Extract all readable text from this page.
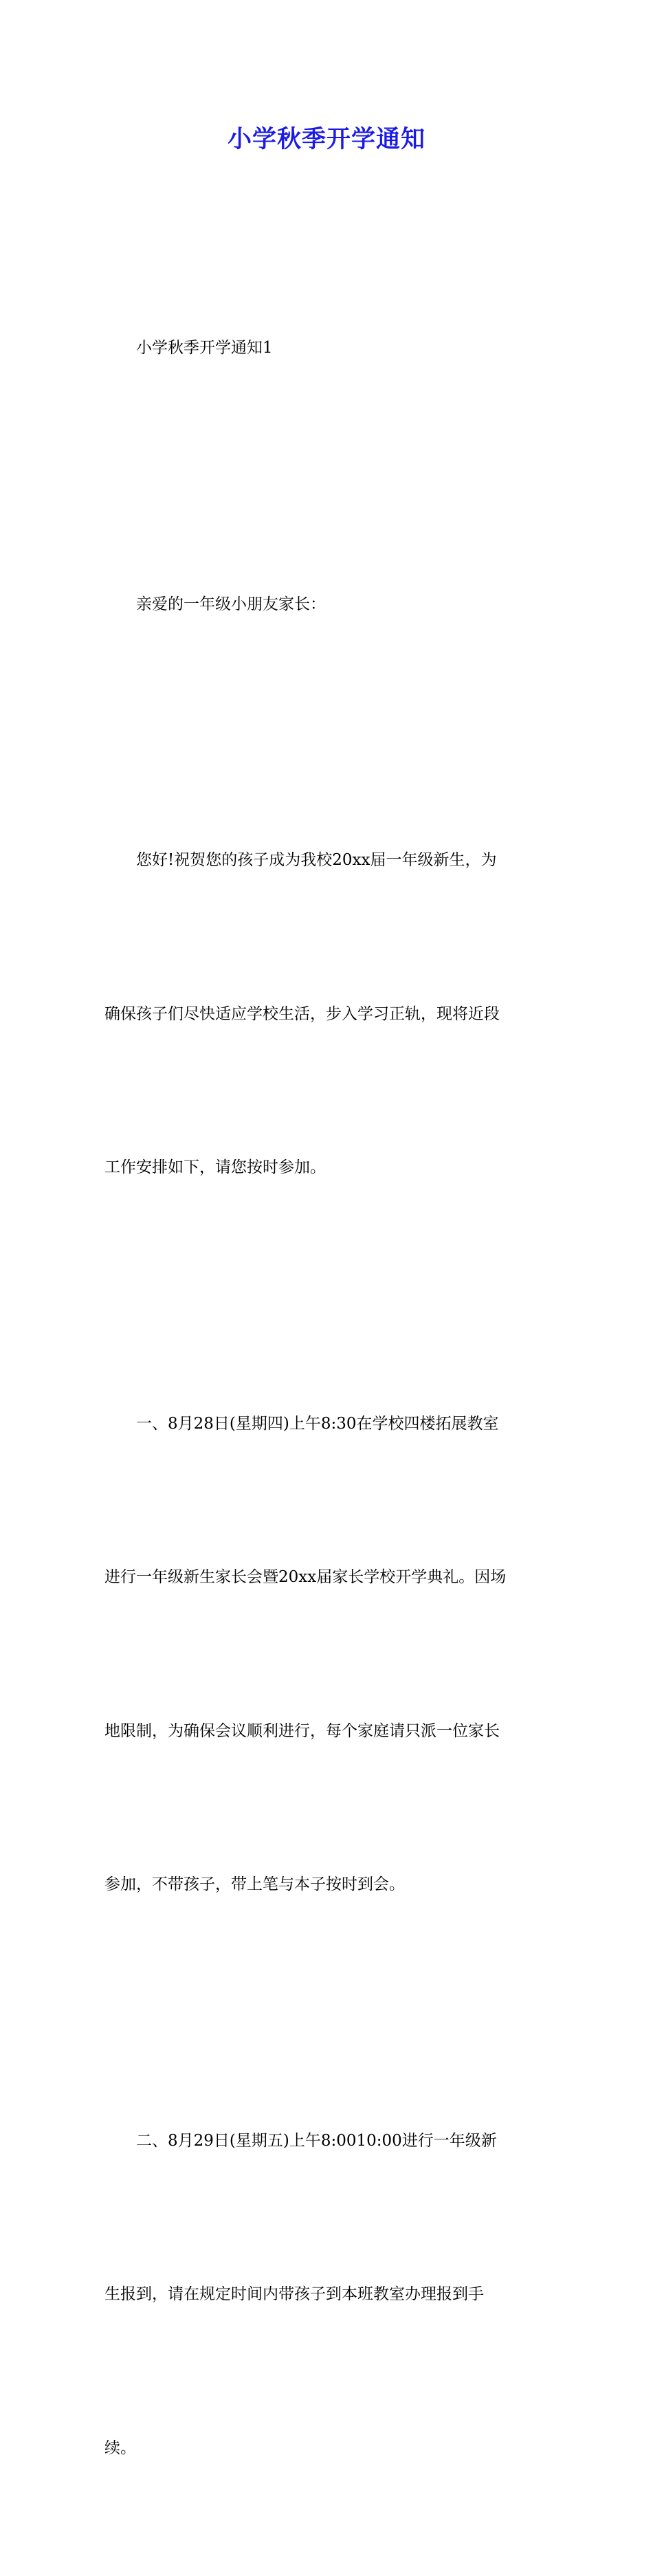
小学秋季开学通知

小学秋季开学通知1

亲爱的一年级小朋友家长：

您好!祝贺您的孩子成为我校20xx届一年级新生，为

确保孩子们尽快适应学校生活，步入学习正轨，现将近段

工作安排如下，请您按时参加。

一、8月28日(星期四)上午8:30在学校四楼拓展教室

进行一年级新生家长会暨20xx届家长学校开学典礼。因场

地限制，为确保会议顺利进行，每个家庭请只派一位家长

参加，不带孩子，带上笔与本子按时到会。

二、8月29日(星期五)上午8:0010:00进行一年级新

生报到，请在规定时间内带孩子到本班教室办理报到手

续。
